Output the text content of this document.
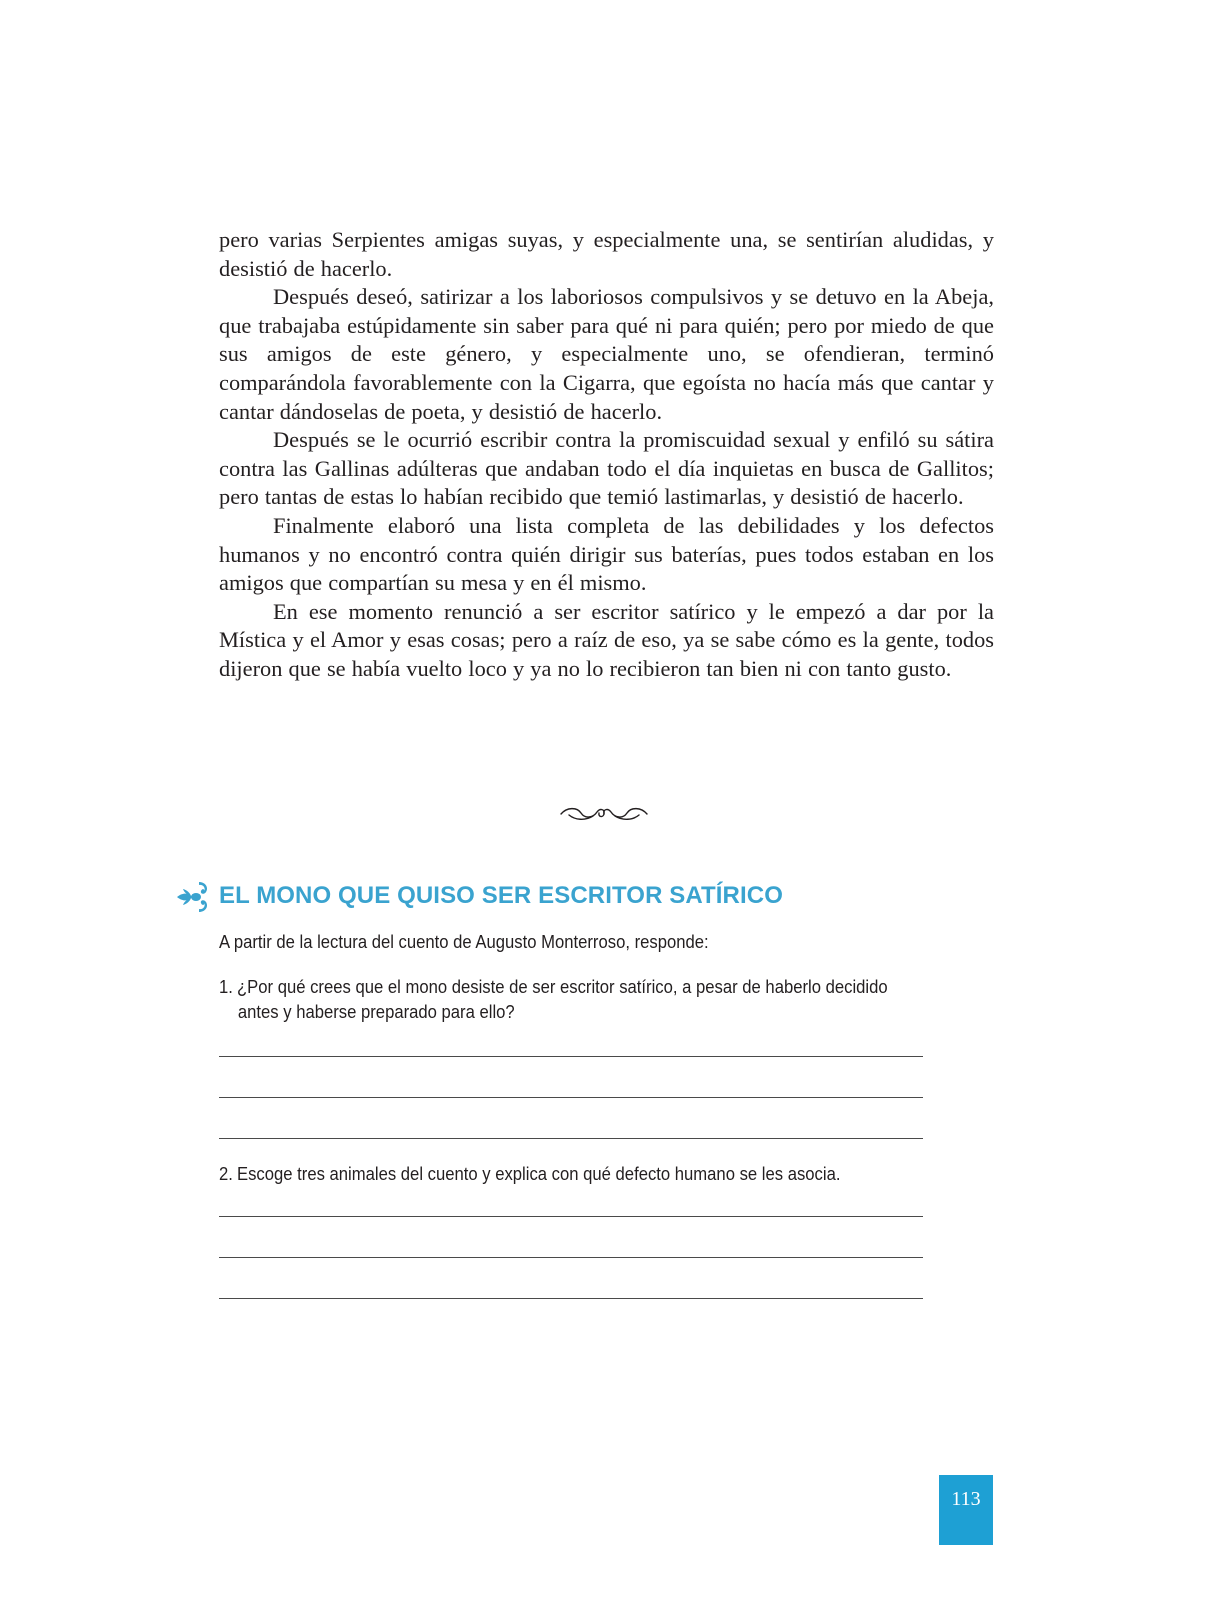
pero varias Serpientes amigas suyas, y especialmente una, se sentirían aludidas, y desistió de hacerlo.

Después deseó, satirizar a los laboriosos compulsivos y se detuvo en la Abeja, que trabajaba estúpidamente sin saber para qué ni para quién; pero por miedo de que sus amigos de este género, y especialmente uno, se ofendieran, terminó comparándola favorablemente con la Cigarra, que egoísta no hacía más que cantar y cantar dándoselas de poeta, y desistió de hacerlo.

Después se le ocurrió escribir contra la promiscuidad sexual y enfiló su sátira contra las Gallinas adúlteras que andaban todo el día inquietas en busca de Gallitos; pero tantas de estas lo habían recibido que temió lastimarlas, y desistió de hacerlo.

Finalmente elaboró una lista completa de las debilidades y los defectos humanos y no encontró contra quién dirigir sus baterías, pues todos estaban en los amigos que compartían su mesa y en él mismo.

En ese momento renunció a ser escritor satírico y le empezó a dar por la Mística y el Amor y esas cosas; pero a raíz de eso, ya se sabe cómo es la gente, todos dijeron que se había vuelto loco y ya no lo recibieron tan bien ni con tanto gusto.

EL MONO QUE QUISO SER ESCRITOR SATÍRICO
A partir de la lectura del cuento de Augusto Monterroso, responde:
1. ¿Por qué crees que el mono desiste de ser escritor satírico, a pesar de haberlo decidido
antes y haberse preparado para ello?
2. Escoge tres animales del cuento y explica con qué defecto humano se les asocia.
113
